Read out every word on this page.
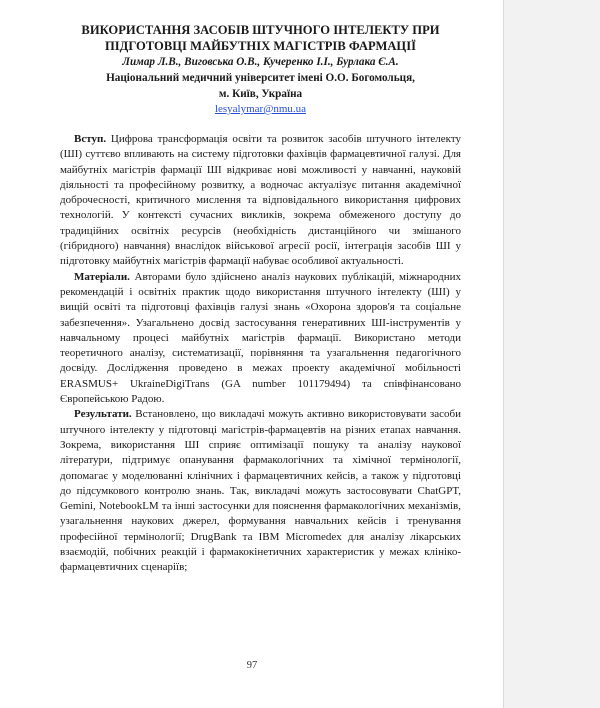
ВИКОРИСТАННЯ ЗАСОБІВ ШТУЧНОГО ІНТЕЛЕКТУ ПРИ
ПІДГОТОВЦІ МАЙБУТНІХ МАГІСТРІВ ФАРМАЦІЇ

Лимар Л.В., Виговська О.В., Кучеренко І.І., Бурлака Є.А.

Національний медичний університет імені О.О. Богомольця,
м. Київ, Україна

lesyalymar@nmu.ua

Вступ. Цифрова трансформація освіти та розвиток засобів штучного інтелекту (ШІ) суттєво впливають на систему підготовки фахівців фармацевтичної галузі. Для майбутніх магістрів фармації ШІ відкриває нові можливості у навчанні, науковій діяльності та професійному розвитку, а водночас актуалізує питання академічної доброчесності, критичного мислення та відповідального використання цифрових технологій. У контексті сучасних викликів, зокрема обмеженого доступу до традиційних освітніх ресурсів (необхідність дистанційного чи змішаного (гібридного) навчання) внаслідок військової агресії росії, інтеграція засобів ШІ у підготовку майбутніх магістрів фармації набуває особливої актуальності.

Матеріали. Авторами було здійснено аналіз наукових публікацій, міжнародних рекомендацій і освітніх практик щодо використання штучного інтелекту (ШІ) у вищій освіті та підготовці фахівців галузі знань «Охорона здоров'я та соціальне забезпечення». Узагальнено досвід застосування генеративних ШІ-інструментів у навчальному процесі майбутніх магістрів фармації. Використано методи теоретичного аналізу, систематизації, порівняння та узагальнення педагогічного досвіду. Дослідження проведено в межах проекту академічної мобільності ERASMUS+ UkraineDigiTrans (GA number 101179494) та співфінансовано Європейською Радою.

Результати. Встановлено, що викладачі можуть активно використовувати засоби штучного інтелекту у підготовці магістрів-фармацевтів на різних етапах навчання. Зокрема, використання ШІ сприяє оптимізації пошуку та аналізу наукової літератури, підтримує опанування фармакологічних та хімічної термінології, допомагає у моделюванні клінічних і фармацевтичних кейсів, а також у підготовці до підсумкового контролю знань. Так, викладачі можуть застосовувати ChatGPT, Gemini, NotebookLM та інші застосунки для пояснення фармакологічних механізмів, узагальнення наукових джерел, формування навчальних кейсів і тренування професійної термінології; DrugBank та IBM Micromedex для аналізу лікарських взаємодій, побічних реакцій і фармакокінетичних характеристик у межах клініко-фармацевтичних сценаріїв;

97
